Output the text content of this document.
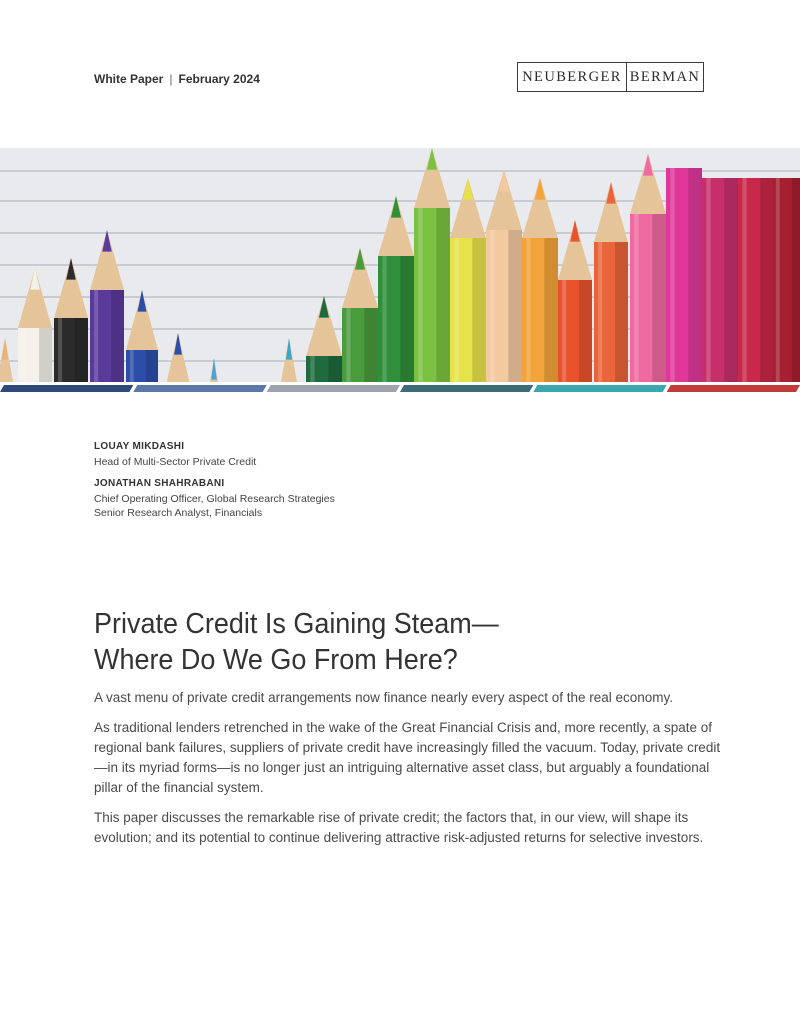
White Paper | February 2024	NEUBERGER BERMAN
LOUAY MIKDASHI
Head of Multi-Sector Private Credit
JONATHAN SHAHRABANI
Chief Operating Officer, Global Research Strategies
Senior Research Analyst, Financials
Private Credit Is Gaining Steam—
Where Do We Go From Here?

A vast menu of private credit arrangements now finance nearly every aspect of the real economy.

As traditional lenders retrenched in the wake of the Great Financial Crisis and, more recently, a spate of regional bank failures, suppliers of private credit have increasingly filled the vacuum. Today, private credit—in its myriad forms—is no longer just an intriguing alternative asset class, but arguably a foundational pillar of the financial system.

This paper discusses the remarkable rise of private credit; the factors that, in our view, will shape its evolution; and its potential to continue delivering attractive risk-adjusted returns for selective investors.
